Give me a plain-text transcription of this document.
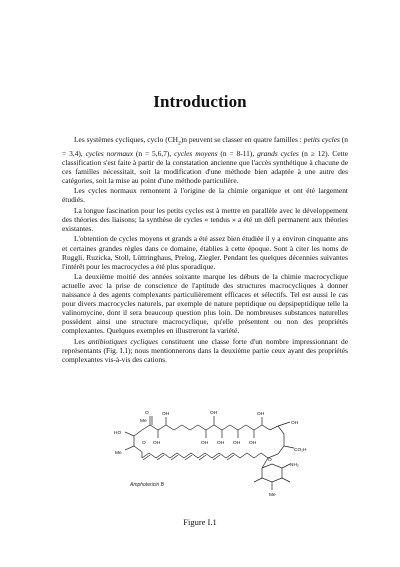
Introduction

Les systèmes cycliques, cyclo $(CH_2)n$ peuvent se classer en quatre familles : petits cycles (n = 3,4), cycles normaux (n = 5,6,7), cycles moyens (n = 8-11), grands cycles (n ≥ 12). Cette classification s'est faite à partir de la constatation ancienne que l'accès synthétique à chacune de ces familles nécessitait, soit la modification d'une méthode bien adaptée à une autre des catégories, soit la mise au point d'une méthode particulière.

Les cycles normaux remontent à l'origine de la chimie organique et ont été largement étudiés.

La longue fascination pour les petits cycles est à mettre en parallèle avec le développement des théories des liaisons; la synthèse de cycles « tendus » a été un défi permanent aux théories existantes.

L'obtention de cycles moyens et grands a été assez bien étudiée il y a environ cinquante ans et certaines grandes règles dans ce domaine, établies à cette époque. Sont à citer les noms de Ruggli, Ruzicka, Stoll, Lüttringhaus, Prelog, Ziegler. Pendant les quelques décennies suivantes l'intérêt pour les macrocycles a été plus sporadique.

La deuxième moitié des années soixante marque les débuts de la chimie macrocyclique actuelle avec la prise de conscience de l'aptitude des structures macrocycliques à donner naissance à des agents complexants particulièrement efficaces et sélectifs. Tel est aussi le cas pour divers macrocycles naturels, par exemple de nature peptidique ou depsipeptidique telle la valinomycine, dont il sera beaucoup question plus loin. De nombreuses substances naturelles possèdent ainsi une structure macrocyclique, qu'elle présentent ou non des propriétés complexantes. Quelques exemples en illustreront la variété.

Les antibiotiques cycliques constituent une classe forte d'un nombre impressionnant de représentants (Fig. I.1); nous mentionnerons dans la deuxième partie ceux ayant des propriétés complexantes vis-à-vis des cations.

Me
O
O
HO
Me
OH
OH	OH
OH
OH OH OH
OH
OH
CO₂H
NH₂
Me
O
Amphotericin B
Figure I.1
